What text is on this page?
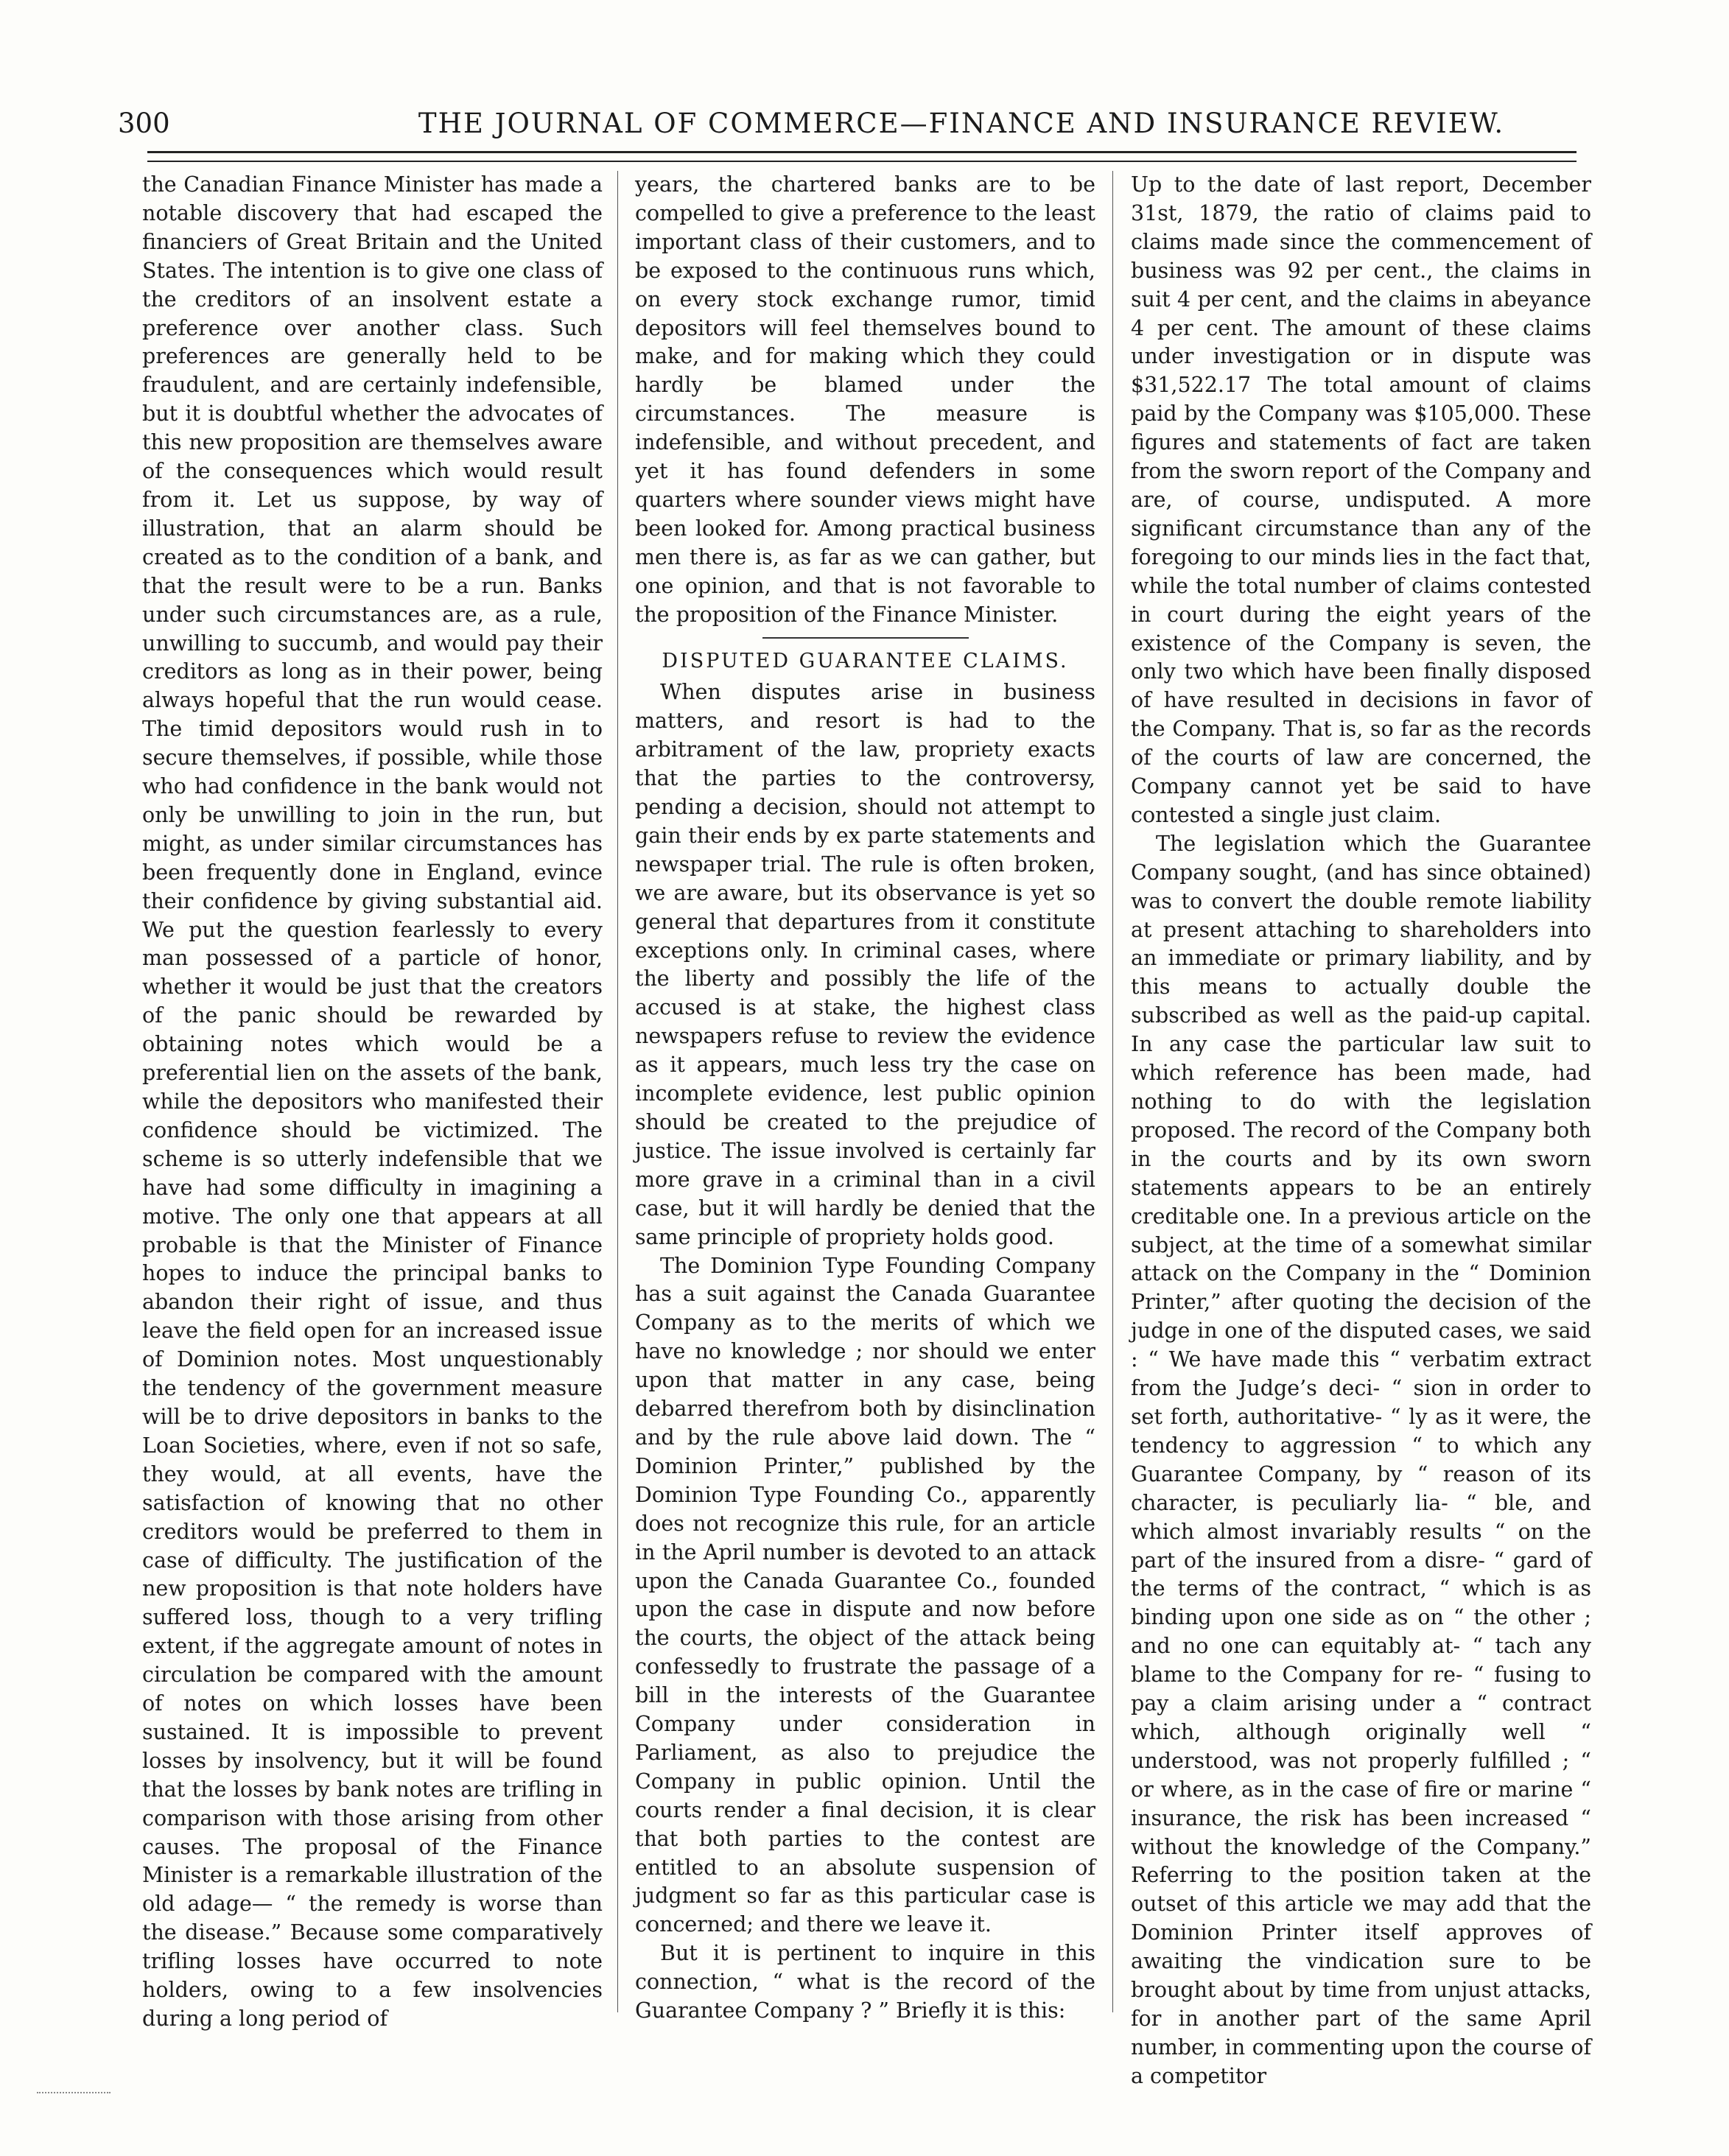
300	THE JOURNAL OF COMMERCE—FINANCE AND INSURANCE REVIEW.

the Canadian Finance Minister has made a notable discovery that had escaped the financiers of Great Britain and the United States. The intention is to give one class of the creditors of an insolvent estate a preference over another class. Such preferences are generally held to be fraudulent, and are certainly indefensible, but it is doubtful whether the advocates of this new proposition are themselves aware of the consequences which would result from it. Let us suppose, by way of illustration, that an alarm should be created as to the condition of a bank, and that the result were to be a run. Banks under such circumstances are, as a rule, unwilling to succumb, and would pay their creditors as long as in their power, being always hopeful that the run would cease. The timid depositors would rush in to secure themselves, if possible, while those who had confidence in the bank would not only be unwilling to join in the run, but might, as under similar circumstances has been frequently done in England, evince their confidence by giving substantial aid. We put the question fearlessly to every man possessed of a particle of honor, whether it would be just that the creators of the panic should be rewarded by obtaining notes which would be a preferential lien on the assets of the bank, while the depositors who manifested their confidence should be victimized. The scheme is so utterly indefensible that we have had some difficulty in imagining a motive. The only one that appears at all probable is that the Minister of Finance hopes to induce the principal banks to abandon their right of issue, and thus leave the field open for an increased issue of Dominion notes. Most unquestionably the tendency of the government measure will be to drive depositors in banks to the Loan Societies, where, even if not so safe, they would, at all events, have the satisfaction of knowing that no other creditors would be preferred to them in case of difficulty. The justification of the new proposition is that note holders have suffered loss, though to a very trifling extent, if the aggregate amount of notes in circulation be compared with the amount of notes on which losses have been sustained. It is impossible to prevent losses by insolvency, but it will be found that the losses by bank notes are trifling in comparison with those arising from other causes. The proposal of the Finance Minister is a remarkable illustration of the old adage— “ the remedy is worse than the disease.” Because some comparatively trifling losses have occurred to note holders, owing to a few insolvencies during a long period of

years, the chartered banks are to be compelled to give a preference to the least important class of their customers, and to be exposed to the continuous runs which, on every stock exchange rumor, timid depositors will feel themselves bound to make, and for making which they could hardly be blamed under the circumstances. The measure is indefensible, and without precedent, and yet it has found defenders in some quarters where sounder views might have been looked for. Among practical business men there is, as far as we can gather, but one opinion, and that is not favorable to the proposition of the Finance Minister.

DISPUTED GUARANTEE CLAIMS.

When disputes arise in business matters, and resort is had to the arbitrament of the law, propriety exacts that the parties to the controversy, pending a decision, should not attempt to gain their ends by ex parte statements and newspaper trial. The rule is often broken, we are aware, but its observance is yet so general that departures from it constitute exceptions only. In criminal cases, where the liberty and possibly the life of the accused is at stake, the highest class newspapers refuse to review the evidence as it appears, much less try the case on incomplete evidence, lest public opinion should be created to the prejudice of justice. The issue involved is certainly far more grave in a criminal than in a civil case, but it will hardly be denied that the same principle of propriety holds good.

The Dominion Type Founding Company has a suit against the Canada Guarantee Company as to the merits of which we have no knowledge ; nor should we enter upon that matter in any case, being debarred therefrom both by disinclination and by the rule above laid down. The “ Dominion Printer,” published by the Dominion Type Founding Co., apparently does not recognize this rule, for an article in the April number is devoted to an attack upon the Canada Guarantee Co., founded upon the case in dispute and now before the courts, the object of the attack being confessedly to frustrate the passage of a bill in the interests of the Guarantee Company under consideration in Parliament, as also to prejudice the Company in public opinion. Until the courts render a final decision, it is clear that both parties to the contest are entitled to an absolute suspension of judgment so far as this particular case is concerned; and there we leave it.

But it is pertinent to inquire in this connection, “ what is the record of the Guarantee Company ? ” Briefly it is this:

Up to the date of last report, December 31st, 1879, the ratio of claims paid to claims made since the commencement of business was 92 per cent., the claims in suit 4 per cent, and the claims in abeyance 4 per cent. The amount of these claims under investigation or in dispute was $31,522.17 The total amount of claims paid by the Company was $105,000. These figures and statements of fact are taken from the sworn report of the Company and are, of course, undisputed. A more significant circumstance than any of the foregoing to our minds lies in the fact that, while the total number of claims contested in court during the eight years of the existence of the Company is seven, the only two which have been finally disposed of have resulted in decisions in favor of the Company. That is, so far as the records of the courts of law are concerned, the Company cannot yet be said to have contested a single just claim.

The legislation which the Guarantee Company sought, (and has since obtained) was to convert the double remote liability at present attaching to shareholders into an immediate or primary liability, and by this means to actually double the subscribed as well as the paid-up capital. In any case the particular law suit to which reference has been made, had nothing to do with the legislation proposed. The record of the Company both in the courts and by its own sworn statements appears to be an entirely creditable one. In a previous article on the subject, at the time of a somewhat similar attack on the Company in the “ Dominion Printer,” after quoting the decision of the judge in one of the disputed cases, we said : “ We have made this “ verbatim extract from the Judge’s deci- “ sion in order to set forth, authoritative- “ ly as it were, the tendency to aggression “ to which any Guarantee Company, by “ reason of its character, is peculiarly lia- “ ble, and which almost invariably results “ on the part of the insured from a disre- “ gard of the terms of the contract, “ which is as binding upon one side as on “ the other ; and no one can equitably at- “ tach any blame to the Company for re- “ fusing to pay a claim arising under a “ contract which, although originally well “ understood, was not properly fulfilled ; “ or where, as in the case of fire or marine “ insurance, the risk has been increased “ without the knowledge of the Company.” Referring to the position taken at the outset of this article we may add that the Dominion Printer itself approves of awaiting the vindication sure to be brought about by time from unjust attacks, for in another part of the same April number, in commenting upon the course of a competitor
